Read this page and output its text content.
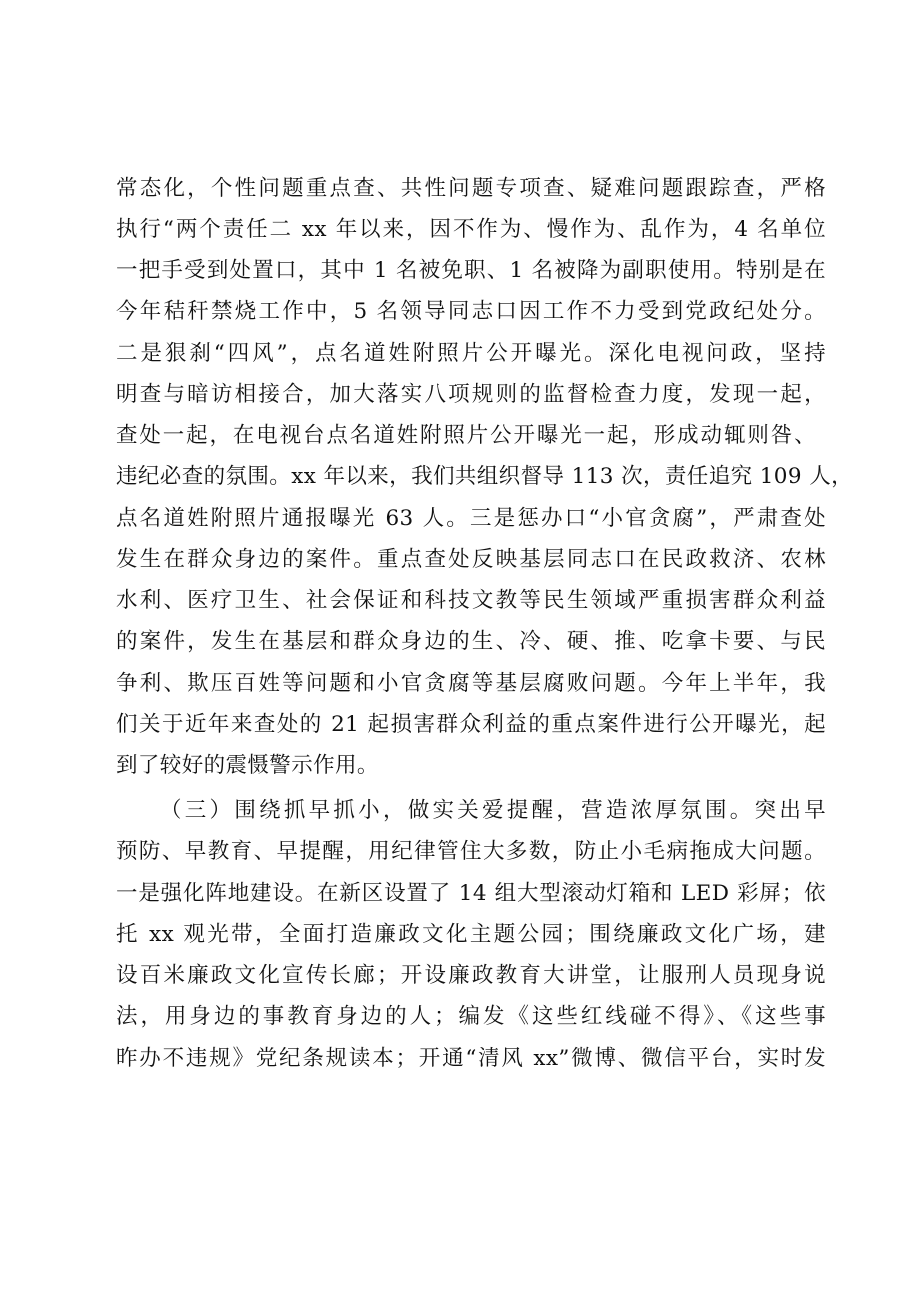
常态化，个性问题重点查、共性问题专项查、疑难问题跟踪查，严格
执行“两个责任二 xx 年以来，因不作为、慢作为、乱作为，4 名单位
一把手受到处置口，其中 1 名被免职、1 名被降为副职使用。特别是在
今年秸秆禁烧工作中，5 名领导同志口因工作不力受到党政纪处分。
二是狠刹“四风”，点名道姓附照片公开曝光。深化电视问政，坚持
明查与暗访相接合，加大落实八项规则的监督检查力度，发现一起，
查处一起，在电视台点名道姓附照片公开曝光一起，形成动辄则咎、
违纪必查的氛围。xx 年以来，我们共组织督导 113 次，责任追究 109 人，
点名道姓附照片通报曝光 63 人。三是惩办口“小官贪腐”，严肃查处
发生在群众身边的案件。重点查处反映基层同志口在民政救济、农林
水利、医疗卫生、社会保证和科技文教等民生领域严重损害群众利益
的案件，发生在基层和群众身边的生、冷、硬、推、吃拿卡要、与民
争利、欺压百姓等问题和小官贪腐等基层腐败问题。今年上半年，我
们关于近年来查处的 21 起损害群众利益的重点案件进行公开曝光，起
到了较好的震慑警示作用。
（三）围绕抓早抓小，做实关爱提醒，营造浓厚氛围。突出早
预防、早教育、早提醒，用纪律管住大多数，防止小毛病拖成大问题。
一是强化阵地建设。在新区设置了 14 组大型滚动灯箱和 LED 彩屏；依
托 xx 观光带，全面打造廉政文化主题公园；围绕廉政文化广场，建
设百米廉政文化宣传长廊；开设廉政教育大讲堂，让服刑人员现身说
法，用身边的事教育身边的人；编发《这些红线碰不得》、《这些事
昨办不违规》党纪条规读本；开通“清风 xx”微博、微信平台，实时发
